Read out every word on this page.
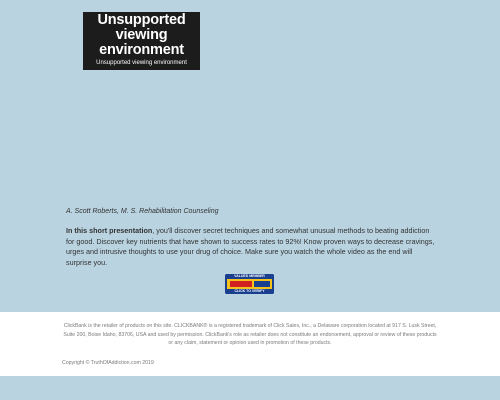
Unsupported viewing environment
Unsupported viewing environment
A. Scott Roberts, M. S. Rehabilitation Counseling
In this short presentation, you'll discover secret techniques and somewhat unusual methods to beating addiction for good. Discover key nutrients that have shown to success rates to 92%! Know proven ways to decrease cravings, urges and intrusive thoughts to use your drug of choice. Make sure you watch the whole video as the end will surprise you.
VALUED MEMBER
CLICK TO VERIFY
ClickBank is the retailer of products on this site. CLICKBANK® is a registered trademark of Click Sales, Inc., a Delaware corporation located at 917 S. Lusk Street, Suite 200, Boise Idaho, 83706, USA and used by permission. ClickBank's role as retailer does not constitute an endorsement, approval or review of these products or any claim, statement or opinion used in promotion of these products.
Copyright © TruthOfAddiction.com 2019
